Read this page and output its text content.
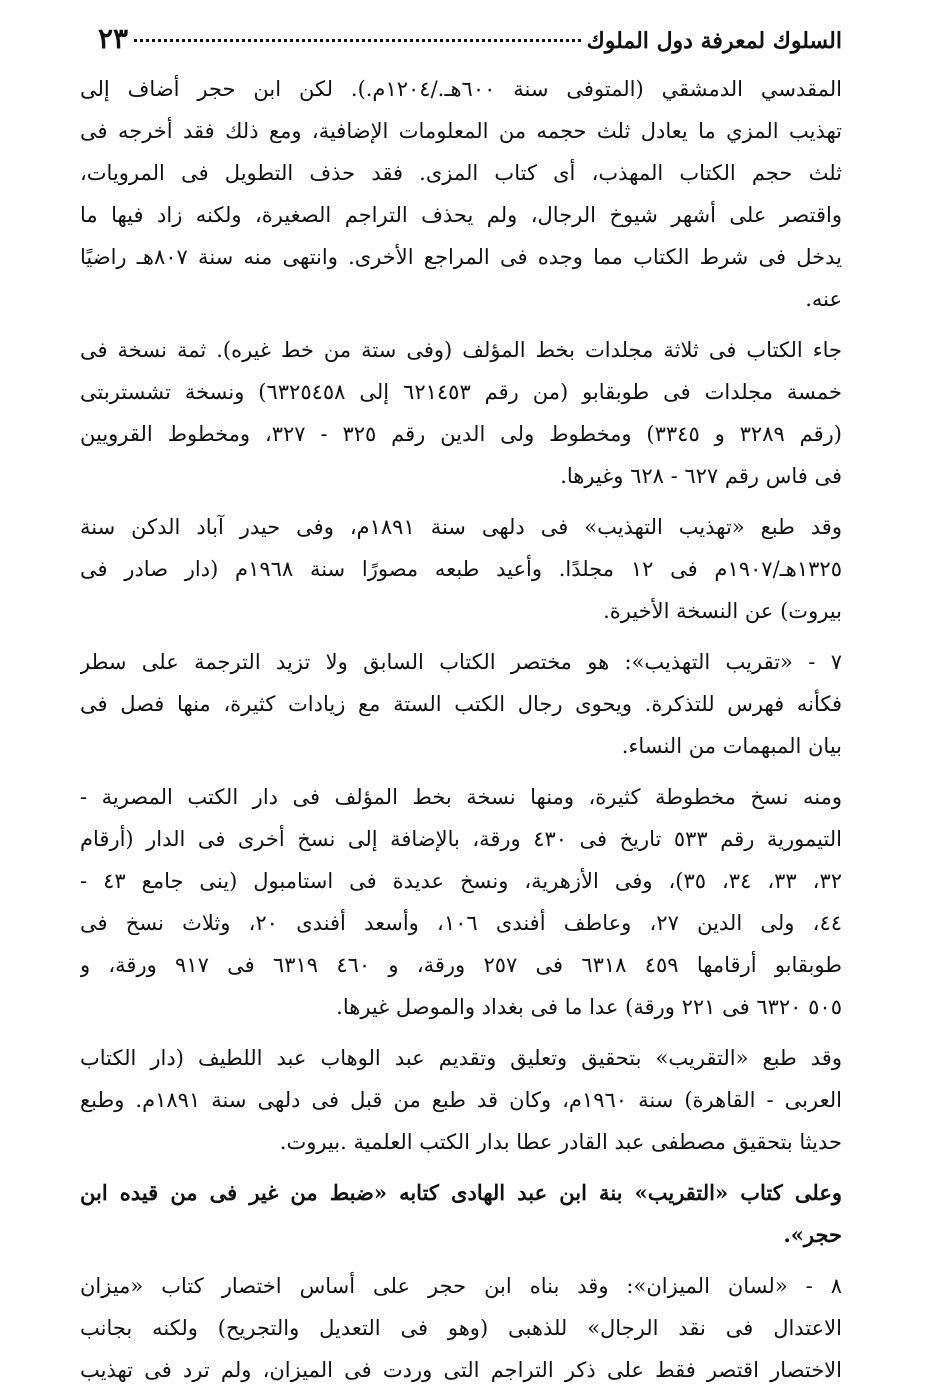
السلوك لمعرفة دول الملوك
٢٣
المقدسي الدمشقي (المتوفى سنة ٦٠٠هـ./١٢٠٤م.). لكن ابن حجر أضاف إلى
تهذيب المزي ما يعادل ثلث حجمه من المعلومات الإضافية، ومع ذلك فقد أخرجه فى
ثلث حجم الكتاب المهذب، أى كتاب المزى. فقد حذف التطويل فى المرويات،
واقتصر على أشهر شيوخ الرجال، ولم يحذف التراجم الصغيرة، ولكنه زاد فيها ما
يدخل فى شرط الكتاب مما وجده فى المراجع الأخرى. وانتهى منه سنة ٨٠٧هـ راضيًا
عنه.
جاء الكتاب فى ثلاثة مجلدات بخط المؤلف (وفى ستة من خط غيره). ثمة نسخة فى
خمسة مجلدات فى طوبقابو (من رقم ٦٢١٤٥٣ إلى ٦٣٢٥٤٥٨) ونسخة تشستربتى
(رقم ٣٢٨٩ و ٣٣٤٥) ومخطوط ولى الدين رقم ٣٢٥ - ٣٢٧، ومخطوط القرويين
فى فاس رقم ٦٢٧ - ٦٢٨ وغيرها.
وقد طبع «تهذيب التهذيب» فى دلهى سنة ١٨٩١م، وفى حيدر آباد الدكن سنة
١٣٢٥هـ/١٩٠٧م فى ١٢ مجلدًا. وأعيد طبعه مصورًا سنة ١٩٦٨م (دار صادر فى
بيروت) عن النسخة الأخيرة.
٧ - «تقريب التهذيب»: هو مختصر الكتاب السابق ولا تزيد الترجمة على سطر
فكأنه فهرس للتذكرة. ويحوى رجال الكتب الستة مع زيادات كثيرة، منها فصل فى
بيان المبهمات من النساء.
ومنه نسخ مخطوطة كثيرة، ومنها نسخة بخط المؤلف فى دار الكتب المصرية -
التيمورية رقم ٥٣٣ تاريخ فى ٤٣٠ ورقة، بالإضافة إلى نسخ أخرى فى الدار (أرقام
٣٢، ٣٣، ٣٤، ٣٥)، وفى الأزهرية، ونسخ عديدة فى استامبول (ينى جامع ٤٣ -
٤٤، ولى الدين ٢٧، وعاطف أفندى ١٠٦، وأسعد أفندى ٢٠، وثلاث نسخ فى
طوبقابو أرقامها ٤٥٩ ٦٣١٨ فى ٢٥٧ ورقة، و ٤٦٠ ٦٣١٩ فى ٩١٧ ورقة، و
٥٠٥ ٦٣٢٠ فى ٢٢١ ورقة) عدا ما فى بغداد والموصل غيرها.
وقد طبع «التقريب» بتحقيق وتعليق وتقديم عبد الوهاب عبد اللطيف (دار الكتاب
العربى - القاهرة) سنة ١٩٦٠م، وكان قد طبع من قبل فى دلهى سنة ١٨٩١م. وطبع
حديثا بتحقيق مصطفى عبد القادر عطا بدار الكتب العلمية .بيروت.
وعلى كتاب «التقريب» بنة ابن عبد الهادى كتابه «ضبط من غير فى من قيده ابن
حجر».
٨ - «لسان الميزان»: وقد بناه ابن حجر على أساس اختصار كتاب «ميزان
الاعتدال فى نقد الرجال» للذهبى (وهو فى التعديل والتجريح) ولكنه بجانب
الاختصار اقتصر فقط على ذكر التراجم التى وردت فى الميزان، ولم ترد فى تهذيب
